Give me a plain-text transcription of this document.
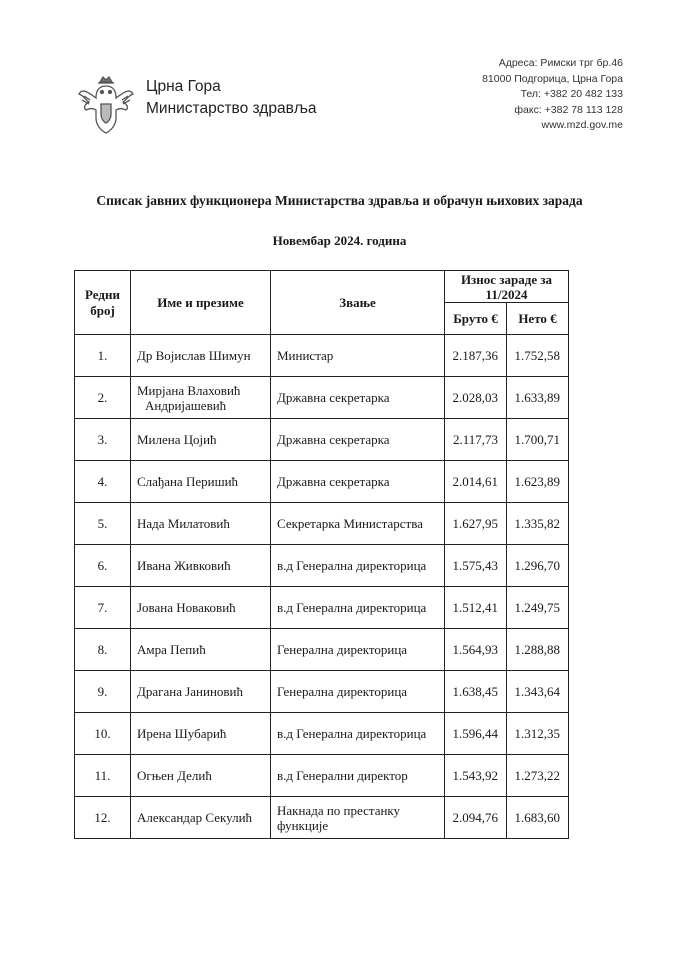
Црна Гора
Министарство здравља
Адреса: Римски трг бр.46
81000 Подгорица, Црна Гора
Тел: +382 20 482 133
факс: +382 78 113 128
www.mzd.gov.me
Списак јавних функционера Министарства здравља и обрачун њихових зарада
Новембар 2024. година
Редни
број	Име и презиме	Звање	Износ зараде за 11/2024	
			Бруто €	Нето €
1.	Др Војислав Шимун	Министар	2.187,36	1.752,58
2.	Мирјана Влаховић
Андријашевић	Државна секретарка	2.028,03	1.633,89
3.	Милена Цојић	Државна секретарка	2.117,73	1.700,71
4.	Слађана Перишић	Државна секретарка	2.014,61	1.623,89
5.	Нада Милатовић	Секретарка Министарства	1.627,95	1.335,82
6.	Ивана Живковић	в.д Генерална директорица	1.575,43	1.296,70
7.	Јована Новаковић	в.д Генерална директорица	1.512,41	1.249,75
8.	Амра Пепић	Генерална директорица	1.564,93	1.288,88
9.	Драгана Јаниновић	Генерална директорица	1.638,45	1.343,64
10.	Ирена Шубарић	в.д Генерална директорица	1.596,44	1.312,35
11.	Огњен Делић	в.д Генерални директор	1.543,92	1.273,22
12.	Александар Секулић	Накнада по престанку
функције	2.094,76	1.683,60
